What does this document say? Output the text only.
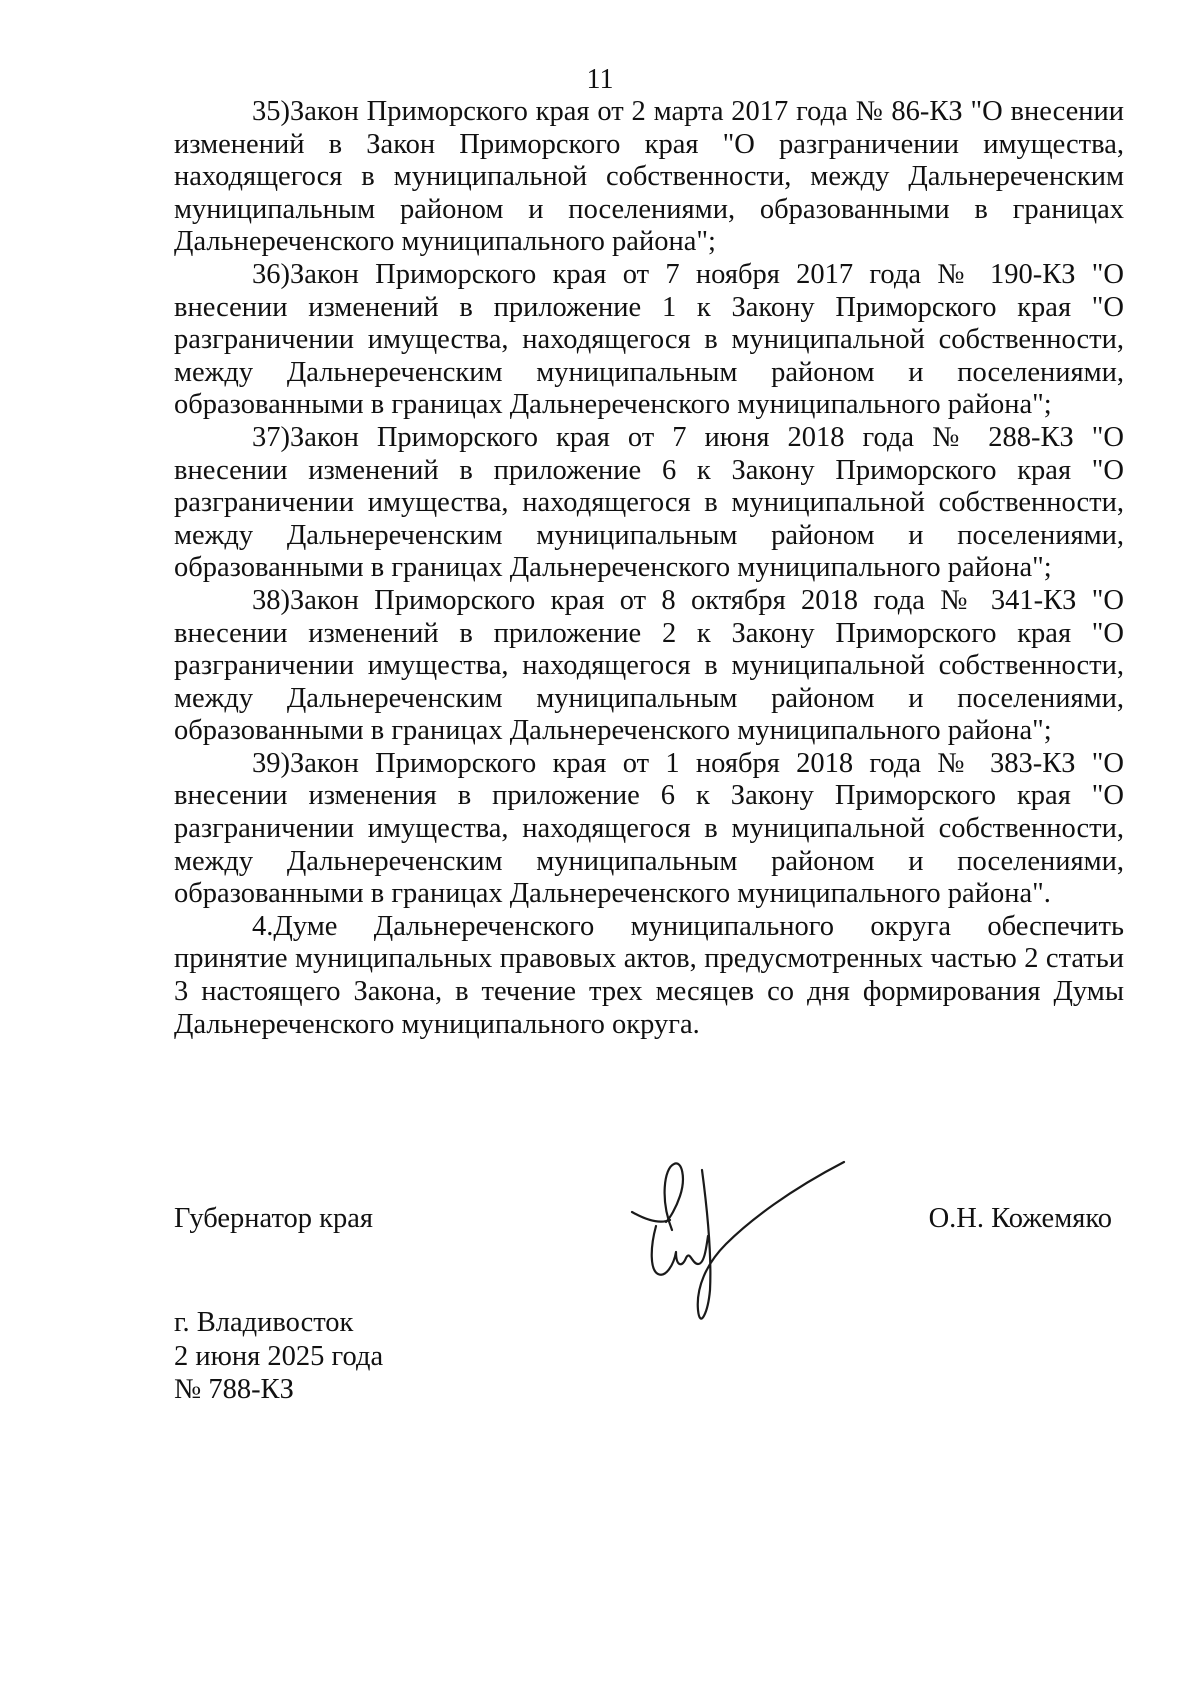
11

35)Закон Приморского края от 2 марта 2017 года № 86-КЗ "О внесении изменений в Закон Приморского края "О разграничении имущества, находящегося в муниципальной собственности, между Дальнереченским муниципальным районом и поселениями, образованными в границах Дальнереченского муниципального района";

36)Закон Приморского края от 7 ноября 2017 года № 190-КЗ "О внесении изменений в приложение 1 к Закону Приморского края "О разграничении имущества, находящегося в муниципальной собственности, между Дальнереченским муниципальным районом и поселениями, образованными в границах Дальнереченского муниципального района";

37)Закон Приморского края от 7 июня 2018 года № 288-КЗ "О внесении изменений в приложение 6 к Закону Приморского края "О разграничении имущества, находящегося в муниципальной собственности, между Дальнереченским муниципальным районом и поселениями, образованными в границах Дальнереченского муниципального района";

38)Закон Приморского края от 8 октября 2018 года № 341-КЗ "О внесении изменений в приложение 2 к Закону Приморского края "О разграничении имущества, находящегося в муниципальной собственности, между Дальнереченским муниципальным районом и поселениями, образованными в границах Дальнереченского муниципального района";

39)Закон Приморского края от 1 ноября 2018 года № 383-КЗ "О внесении изменения в приложение 6 к Закону Приморского края "О разграничении имущества, находящегося в муниципальной собственности, между Дальнереченским муниципальным районом и поселениями, образованными в границах Дальнереченского муниципального района".

4.Думе Дальнереченского муниципального округа обеспечить принятие муниципальных правовых актов, предусмотренных частью 2 статьи 3 настоящего Закона, в течение трех месяцев со дня формирования Думы Дальнереченского муниципального округа.

Губернатор края	О.Н. Кожемяко
г. Владивосток
2 июня 2025 года
№ 788-КЗ
